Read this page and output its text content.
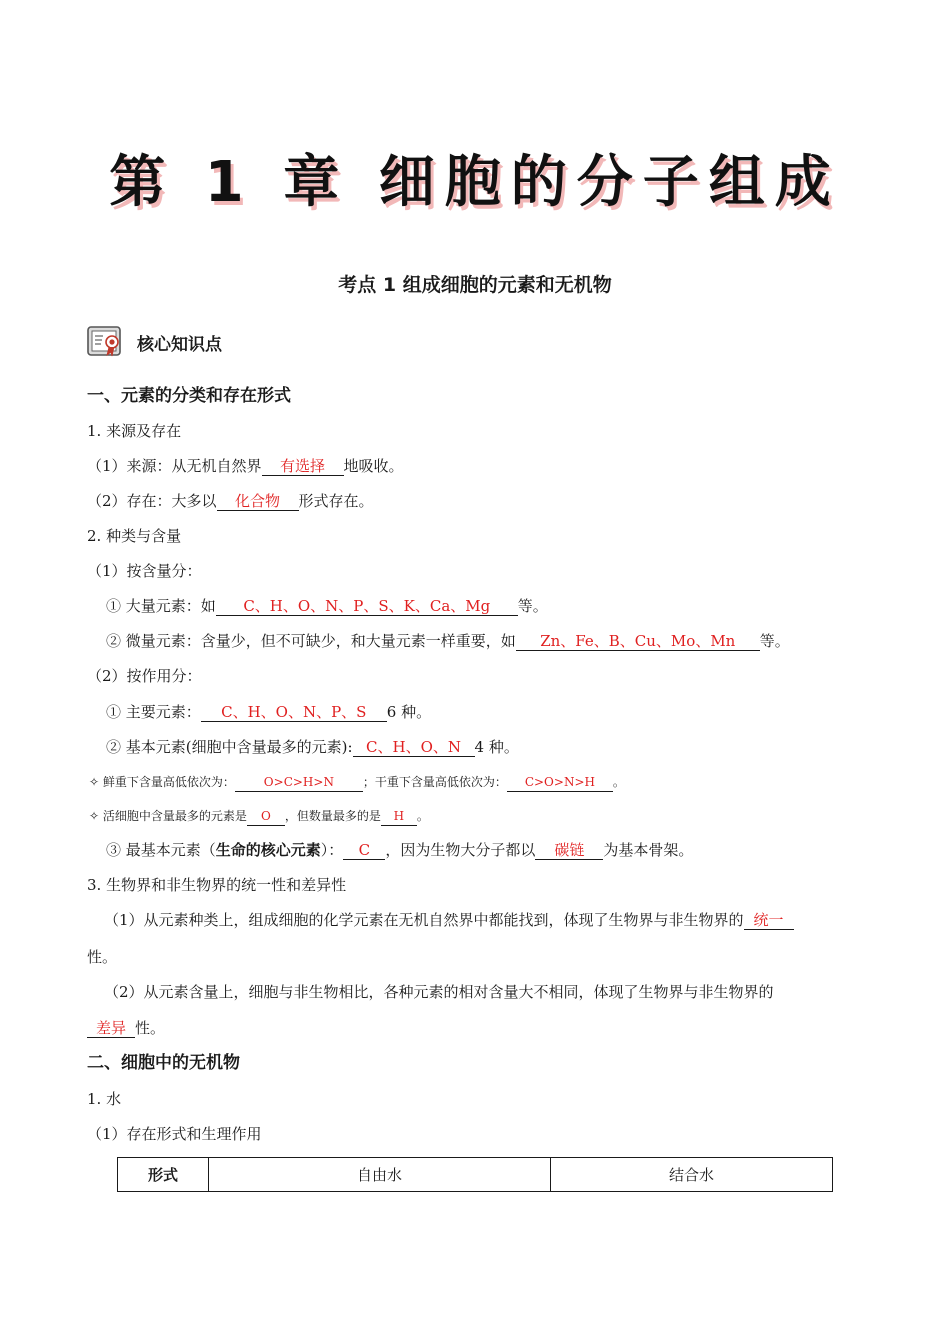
第 1 章 细胞的分子组成
考点 1 组成细胞的元素和无机物
核心知识点
一、元素的分类和存在形式
1. 来源及存在
（1）来源：从无机自然界 有选择 地吸收。
（2）存在：大多以 化合物 形式存在。
2. 种类与含量
（1）按含量分：
① 大量元素：如 C、H、O、N、P、S、K、Ca、Mg 等。
② 微量元素：含量少，但不可缺少，和大量元素一样重要，如 Zn、Fe、B、Cu、Mo、Mn 等。
（2）按作用分：
① 主要元素： C、H、O、N、P、S 6 种。
② 基本元素(细胞中含量最多的元素): C、H、O、N 4 种。
✧ 鲜重下含量高低依次为： O>C>H>N ；干重下含量高低依次为： C>O>N>H 。
✧ 活细胞中含量最多的元素是 O ，但数量最多的是 H 。
③ 最基本元素（生命的核心元素）： C ，因为生物大分子都以 碳链 为基本骨架。
3. 生物界和非生物界的统一性和差异性
（1）从元素种类上，组成细胞的化学元素在无机自然界中都能找到，体现了生物界与非生物界的 统一
性。
（2）从元素含量上，细胞与非生物相比，各种元素的相对含量大不相同，体现了生物界与非生物界的
差异 性。
二、细胞中的无机物
1. 水
（1）存在形式和生理作用
形式	自由水	结合水
